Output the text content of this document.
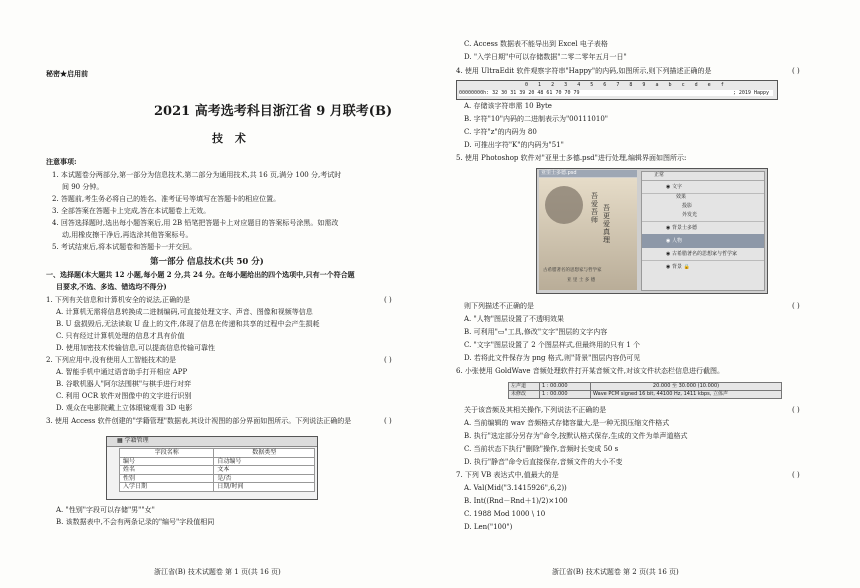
秘密★启用前
2021 高考选考科目浙江省 9 月联考(B)
技 术
注意事项:
1. 本试题卷分两部分,第一部分为信息技术,第二部分为通用技术,共 16 页,满分 100 分,考试时
间 90 分钟。
2. 答题前,考生务必将自己的姓名、准考证号等填写在答题卡的相应位置。
3. 全部答案在答题卡上完成,答在本试题卷上无效。
4. 回答选择题时,选出每小题答案后,用 2B 铅笔把答题卡上对应题目的答案标号涂黑。如需改
动,用橡皮擦干净后,再选涂其他答案标号。
5. 考试结束后,将本试题卷和答题卡一并交回。
第一部分 信息技术(共 50 分)
一、选择题(本大题共 12 小题,每小题 2 分,共 24 分。在每小题给出的四个选项中,只有一个符合题
目要求,不选、多选、错选均不得分)
1. 下列有关信息和计算机安全的说法,正确的是	( )
A. 计算机无需将信息转换成二进制编码,可直接处理文字、声音、图像和视频等信息
B. U 盘损毁后,无法读取 U 盘上的文件,体现了信息在传递和共享的过程中会产生损耗
C. 只有经过计算机处理的信息才具有价值
D. 使用加密技术传输信息,可以提高信息传输可靠性
2. 下列应用中,没有使用人工智能技术的是	( )
A. 智能手机中通过语音助手打开相应 APP
B. 谷歌机器人"阿尔法围棋"与棋手进行对弈
C. 利用 OCR 软件对图像中的文字进行识别
D. 观众在电影院戴上立体眼镜观看 3D 电影
3. 使用 Access 软件创建的"学籍管理"数据表,其设计视图的部分界面如图所示。下列说法正确的是	( )
▦ 学籍管理
字段名称	数据类型
编号	自动编号
姓名	文本
性别	是/否
入学日期	日期/时间
A. "性别"字段可以存储"男""女"
B. 该数据表中,不会有两条记录的"编号"字段值相同
浙江省(B) 技术试题卷 第 1 页(共 16 页)
C. Access 数据表不能导出到 Excel 电子表格
D. "入学日期"中可以存储数据"二零二零年五月一日"
4. 使用 UltraEdit 软件观察字符串"Happy"的内码,如图所示,则下列描述正确的是	( )
0 1 2 3 4 5 6 7 8 9 a b c d e f
00000000h: 32 30 31 39 20 48 61 70 70 79	; 2019 Happy
A. 存储该字符串需 10 Byte
B. 字符"10"内码的二进制表示为"00111010"
C. 字符"z"的内码为 80
D. 可推出字符"K"的内码为"51"
5. 使用 Photoshop 软件对"亚里士多德.psd"进行处理,编辑界面如图所示:
亚里士多德.psd
吾爱吾师
吾更爱真理
古希腊著名的思想家与哲学家
亚 里 士 多 德
正常
◉ 文字
效果
投影
外发光
◉ 背景士多德
◉ 人物
◉ 古希腊著名的思想家与哲学家
◉ 背景 🔒
则下列描述不正确的是	( )
A. "人物"图层设置了不透明效果
B. 可利用"▭"工具,修改"文字"图层的文字内容
C. "文字"图层设置了 2 个图层样式,但最终用的只有 1 个
D. 若将此文件保存为 png 格式,则"背景"图层内容仍可见
6. 小张使用 GoldWave 音频处理软件打开某音频文件,对该文件状态栏信息进行截图。
左声道	1 : 00.000	20.000 至 30.000 (10.000)
未修改	1 : 00.000	Wave PCM signed 16 bit, 44100 Hz, 1411 kbps, 立体声
关于该音频及其相关操作,下列说法不正确的是	( )
A. 当前编辑的 wav 音频格式存储容量大,是一种无损压缩文件格式
B. 执行"选定部分另存为"命令,按默认格式保存,生成的文件为单声道格式
C. 当前状态下执行"删除"操作,音频时长变成 50 s
D. 执行"静音"命令后直接保存,音频文件的大小不变
7. 下列 VB 表达式中,值最大的是	( )
A. Val(Mid("3.1415926",6,2))
B. Int((Rnd－Rnd＋1)/2)×100
C. 1988 Mod 1000 \ 10
D. Len("100")
浙江省(B) 技术试题卷 第 2 页(共 16 页)
